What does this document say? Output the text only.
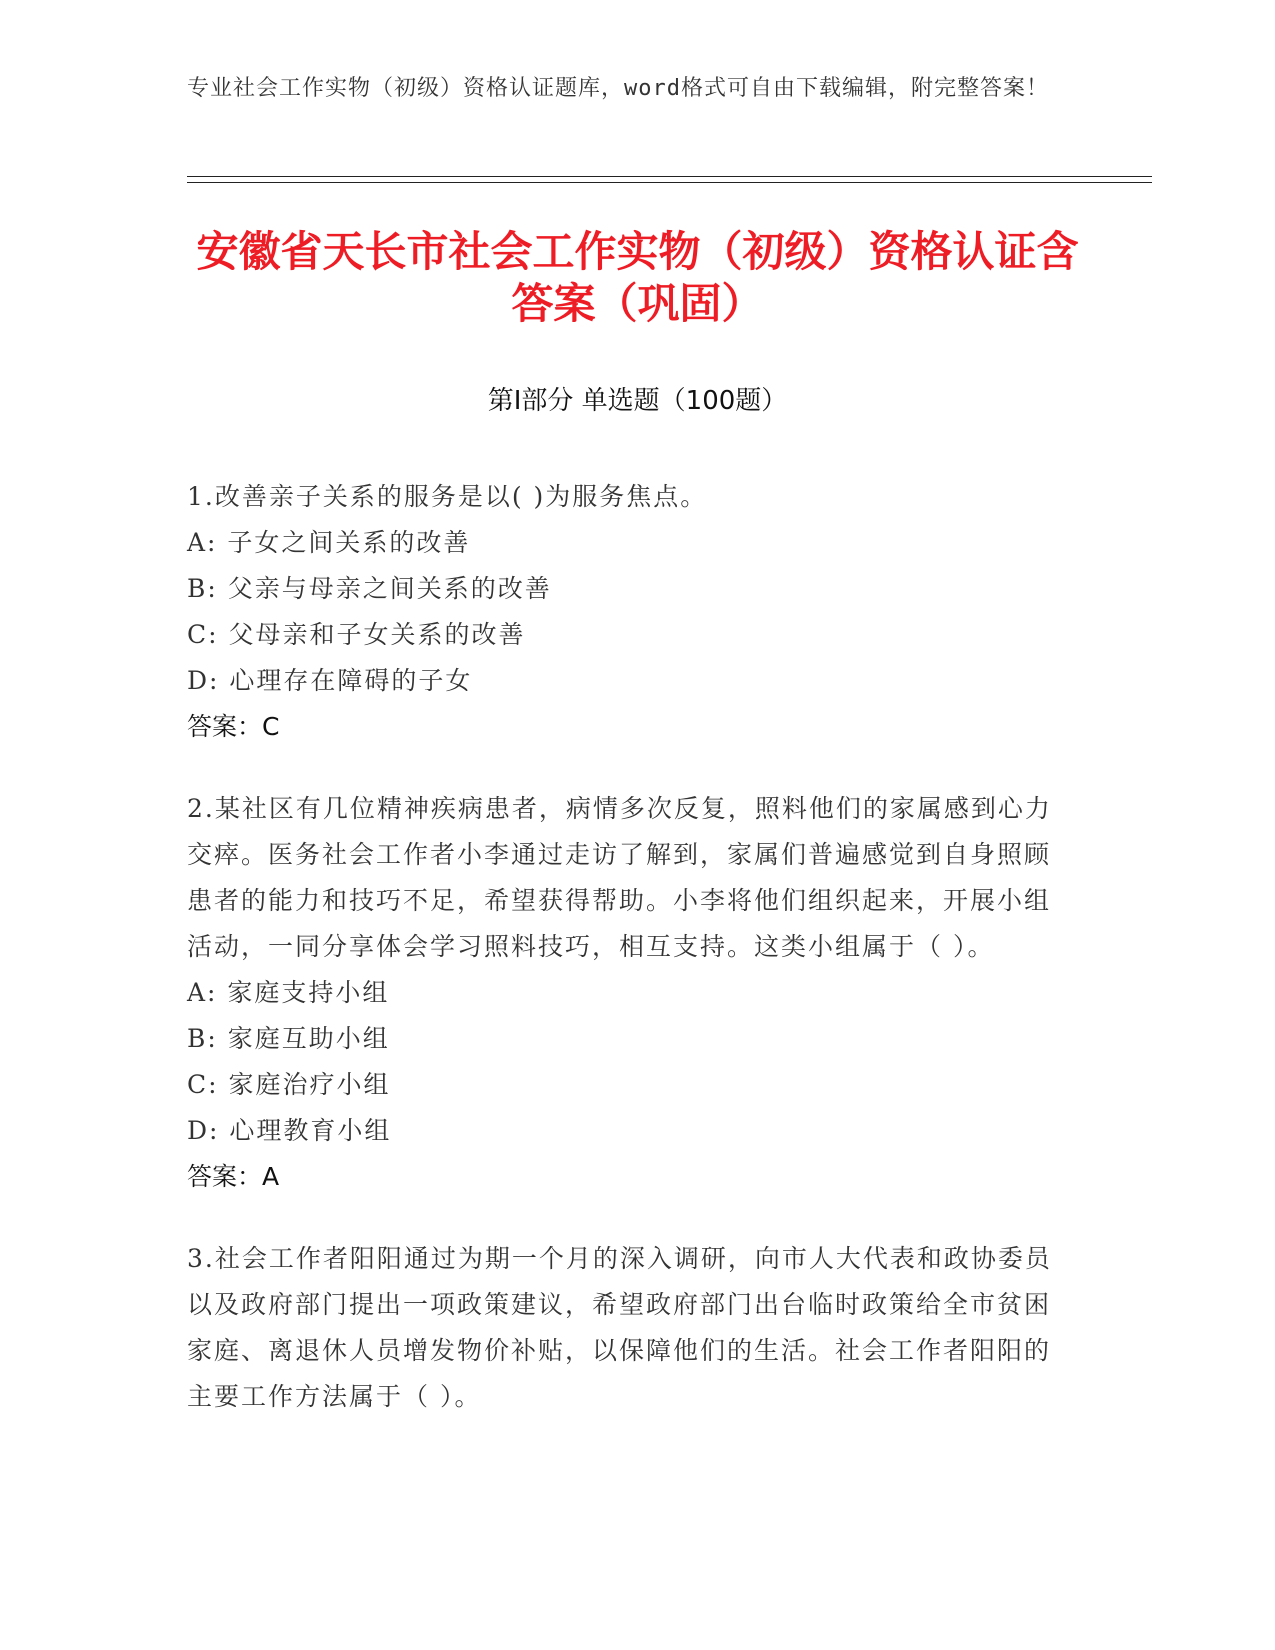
专业社会工作实物（初级）资格认证题库，word格式可自由下载编辑，附完整答案！
安徽省天长市社会工作实物（初级）资格认证含答案（巩固）
第Ⅰ部分 单选题（100题）
1.改善亲子关系的服务是以( )为服务焦点。
A: 子女之间关系的改善
B: 父亲与母亲之间关系的改善
C: 父母亲和子女关系的改善
D: 心理存在障碍的子女
答案：C
2.某社区有几位精神疾病患者，病情多次反复，照料他们的家属感到心力交瘁。医务社会工作者小李通过走访了解到，家属们普遍感觉到自身照顾患者的能力和技巧不足，希望获得帮助。小李将他们组织起来，开展小组活动，一同分享体会学习照料技巧，相互支持。这类小组属于（ ）。
A: 家庭支持小组
B: 家庭互助小组
C: 家庭治疗小组
D: 心理教育小组
答案：A
3.社会工作者阳阳通过为期一个月的深入调研，向市人大代表和政协委员以及政府部门提出一项政策建议，希望政府部门出台临时政策给全市贫困家庭、离退休人员增发物价补贴，以保障他们的生活。社会工作者阳阳的主要工作方法属于（ ）。
